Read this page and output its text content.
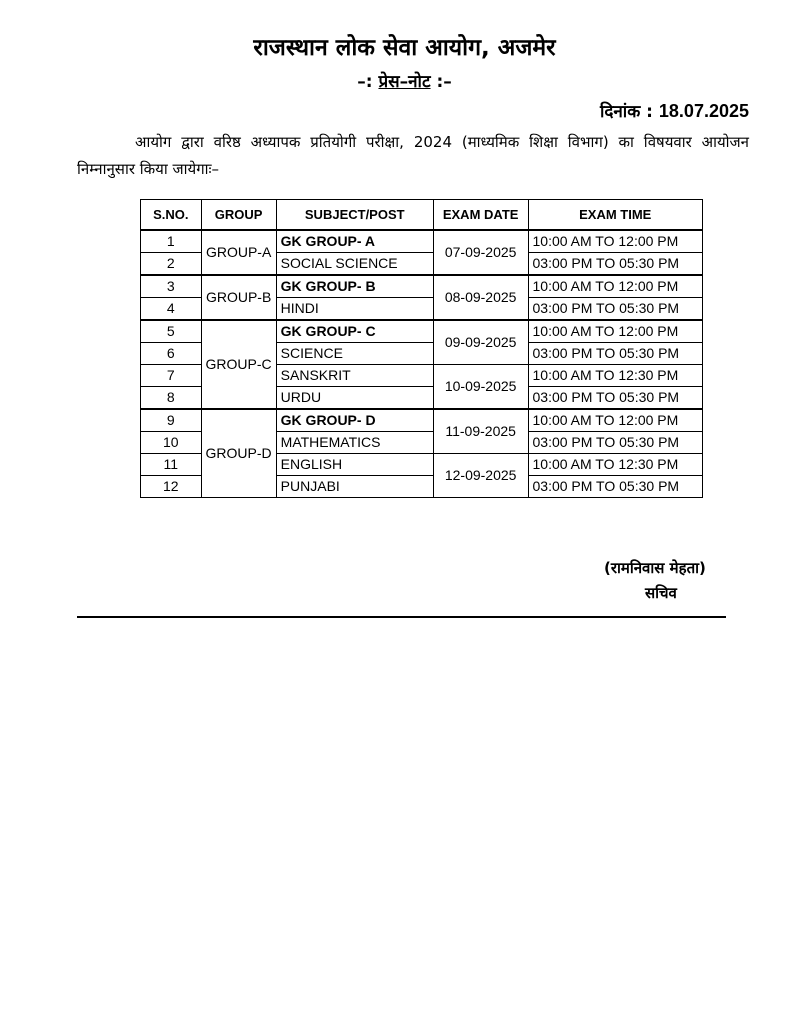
राजस्थान लोक सेवा आयोग, अजमेर
–: प्रेस–नोट :–
दिनांक : 18.07.2025
आयोग द्वारा वरिष्ठ अध्यापक प्रतियोगी परीक्षा, 2024 (माध्यमिक शिक्षा विभाग) का विषयवार आयोजन निम्नानुसार किया जायेगाः–
S.NO.	GROUP	SUBJECT/POST	EXAM DATE	EXAM TIME
1	GROUP-A	GK GROUP- A	07-09-2025	10:00 AM TO 12:00 PM
2		SOCIAL SCIENCE		03:00 PM TO 05:30 PM
3	GROUP-B	GK GROUP- B	08-09-2025	10:00 AM TO 12:00 PM
4		HINDI		03:00 PM TO 05:30 PM
5	GROUP-C	GK GROUP- C	09-09-2025	10:00 AM TO 12:00 PM
6		SCIENCE		03:00 PM TO 05:30 PM
7		SANSKRIT	10-09-2025	10:00 AM TO 12:30 PM
8		URDU		03:00 PM TO 05:30 PM
9	GROUP-D	GK GROUP- D	11-09-2025	10:00 AM TO 12:00 PM
10		MATHEMATICS		03:00 PM TO 05:30 PM
11		ENGLISH	12-09-2025	10:00 AM TO 12:30 PM
12		PUNJABI		03:00 PM TO 05:30 PM
(रामनिवास मेहता)
सचिव
